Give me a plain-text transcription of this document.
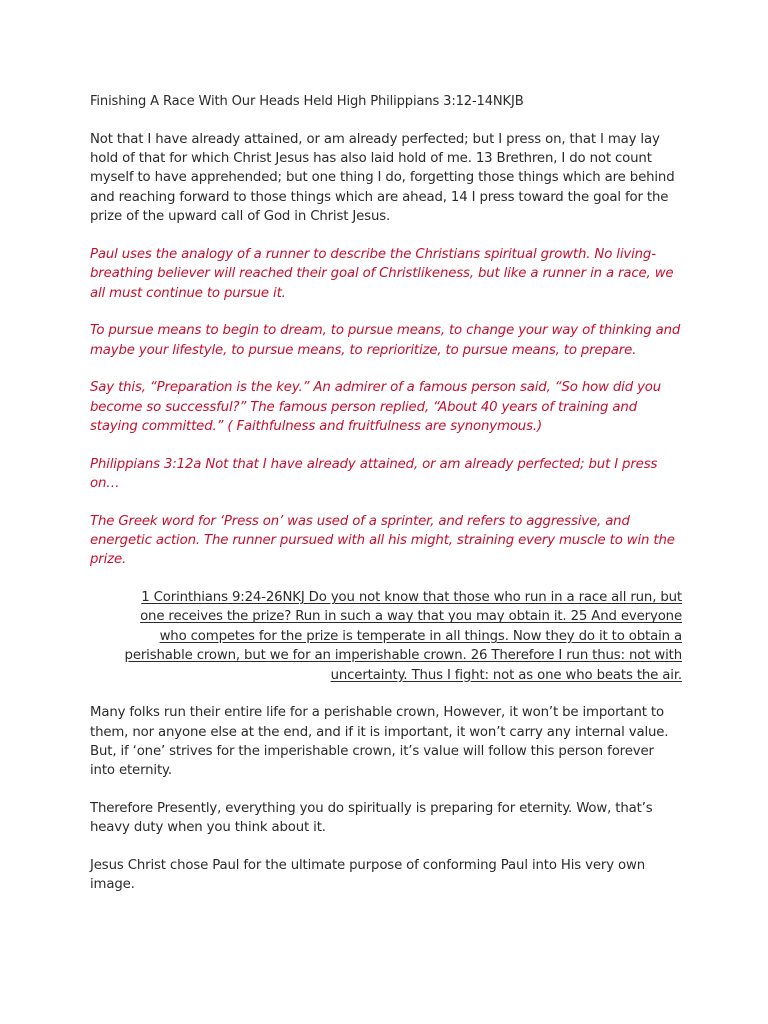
Finishing A Race With Our Heads Held High Philippians 3:12-14NKJB

Not that I have already attained, or am already perfected; but I press on, that I may lay hold of that for which Christ Jesus has also laid hold of me. 13 Brethren, I do not count myself to have apprehended; but one thing I do, forgetting those things which are behind and reaching forward to those things which are ahead, 14 I press toward the goal for the prize of the upward call of God in Christ Jesus.

Paul uses the analogy of a runner to describe the Christians spiritual growth. No living-breathing believer will reached their goal of Christlikeness, but like a runner in a race, we all must continue to pursue it.

To pursue means to begin to dream, to pursue means, to change your way of thinking and maybe your lifestyle, to pursue means, to reprioritize, to pursue means, to prepare.

Say this, “Preparation is the key.” An admirer of a famous person said, “So how did you become so successful?” The famous person replied, “About 40 years of training and staying committed.” ( Faithfulness and fruitfulness are synonymous.)

Philippians 3:12a Not that I have already attained, or am already perfected; but I press on…

The Greek word for ‘Press on’ was used of a sprinter, and refers to aggressive, and energetic action. The runner pursued with all his might, straining every muscle to win the prize.

1 Corinthians 9:24-26NKJ Do you not know that those who run in a race all run, but one receives the prize? Run in such a way that you may obtain it. 25 And everyone who competes for the prize is temperate in all things. Now they do it to obtain a perishable crown, but we for an imperishable crown. 26 Therefore I run thus: not with uncertainty. Thus I fight: not as one who beats the air.

Many folks run their entire life for a perishable crown, However, it won’t be important to them, nor anyone else at the end, and if it is important, it won’t carry any internal value. But, if ‘one’ strives for the imperishable crown, it’s value will follow this person forever into eternity.

Therefore Presently, everything you do spiritually is preparing for eternity. Wow, that’s heavy duty when you think about it.

Jesus Christ chose Paul for the ultimate purpose of conforming Paul into His very own image.
